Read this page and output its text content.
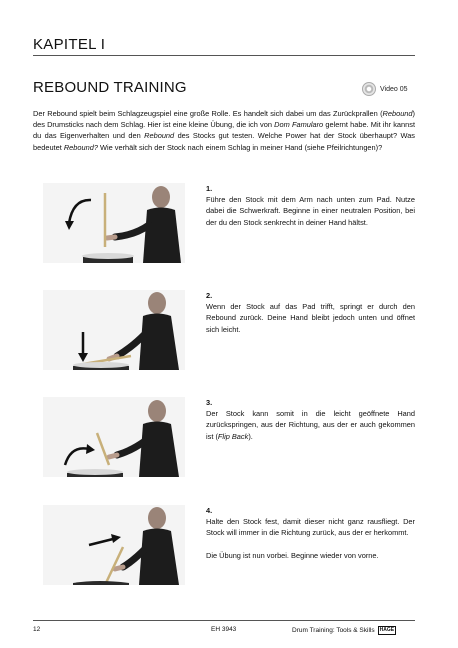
KAPITEL I
REBOUND TRAINING	Video 05

Der Rebound spielt beim Schlagzeugspiel eine große Rolle. Es handelt sich dabei um das Zurückprallen (Rebound) des Drumsticks nach dem Schlag. Hier ist eine kleine Übung, die ich von Dom Famularo gelernt habe. Mit ihr kannst du das Eigenverhalten und den Rebound des Stocks gut testen. Welche Power hat der Stock überhaupt? Was bedeutet Rebound? Wie verhält sich der Stock nach einem Schlag in meiner Hand (siehe Pfeilrichtungen)?

1.
Führe den Stock mit dem Arm nach unten zum Pad. Nutze dabei die Schwerkraft. Beginne in einer neutralen Position, bei der du den Stock senkrecht in deiner Hand hältst.
2.
Wenn der Stock auf das Pad trifft, springt er durch den Rebound zurück. Deine Hand bleibt jedoch unten und öffnet sich leicht.
3.
Der Stock kann somit in die leicht geöffnete Hand zurückspringen, aus der Richtung, aus der er auch gekommen ist (Flip Back).
4.
Halte den Stock fest, damit dieser nicht ganz rausfliegt. Der Stock will immer in die Richtung zurück, aus der er herkommt.
Die Übung ist nun vorbei. Beginne wieder von vorne.
12	EH 3943	Drum Training: Tools & Skills HAGE
